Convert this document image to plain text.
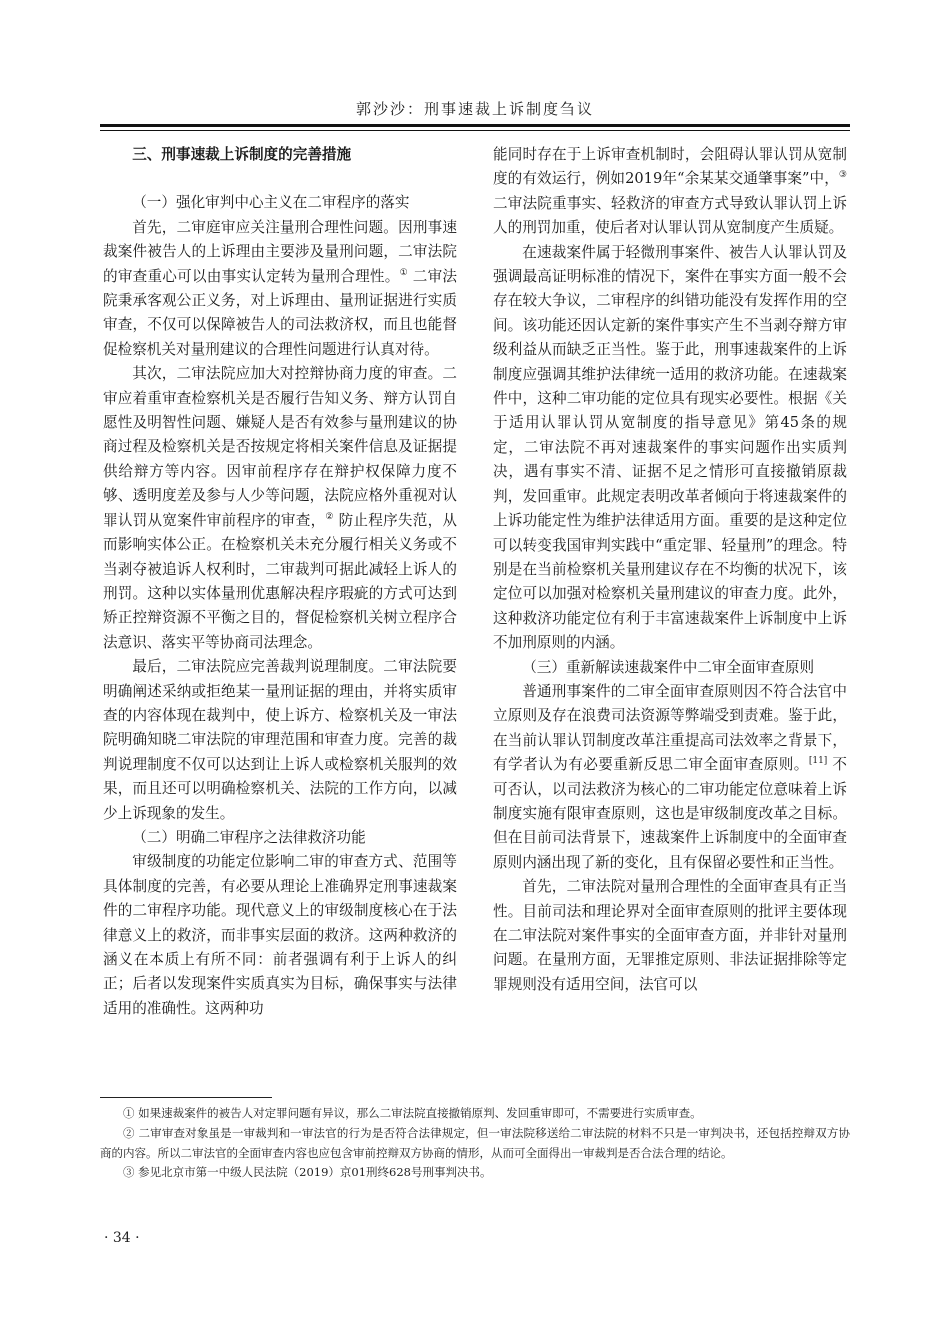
郭沙沙：刑事速裁上诉制度刍议
三、刑事速裁上诉制度的完善措施
（一）强化审判中心主义在二审程序的落实

首先，二审庭审应关注量刑合理性问题。因刑事速裁案件被告人的上诉理由主要涉及量刑问题，二审法院的审查重心可以由事实认定转为量刑合理性。① 二审法院秉承客观公正义务，对上诉理由、量刑证据进行实质审查，不仅可以保障被告人的司法救济权，而且也能督促检察机关对量刑建议的合理性问题进行认真对待。

其次，二审法院应加大对控辩协商力度的审查。二审应着重审查检察机关是否履行告知义务、辩方认罚自愿性及明智性问题、嫌疑人是否有效参与量刑建议的协商过程及检察机关是否按规定将相关案件信息及证据提供给辩方等内容。因审前程序存在辩护权保障力度不够、透明度差及参与人少等问题，法院应格外重视对认罪认罚从宽案件审前程序的审查，② 防止程序失范，从而影响实体公正。在检察机关未充分履行相关义务或不当剥夺被追诉人权利时，二审裁判可据此减轻上诉人的刑罚。这种以实体量刑优惠解决程序瑕疵的方式可达到矫正控辩资源不平衡之目的，督促检察机关树立程序合法意识、落实平等协商司法理念。

最后，二审法院应完善裁判说理制度。二审法院要明确阐述采纳或拒绝某一量刑证据的理由，并将实质审查的内容体现在裁判中，使上诉方、检察机关及一审法院明确知晓二审法院的审理范围和审查力度。完善的裁判说理制度不仅可以达到让上诉人或检察机关服判的效果，而且还可以明确检察机关、法院的工作方向，以减少上诉现象的发生。

（二）明确二审程序之法律救济功能

审级制度的功能定位影响二审的审查方式、范围等具体制度的完善，有必要从理论上准确界定刑事速裁案件的二审程序功能。现代意义上的审级制度核心在于法律意义上的救济，而非事实层面的救济。这两种救济的涵义在本质上有所不同：前者强调有利于上诉人的纠正；后者以发现案件实质真实为目标，确保事实与法律适用的准确性。这两种功

能同时存在于上诉审查机制时，会阻碍认罪认罚从宽制度的有效运行，例如2019年“余某某交通肇事案”中，③ 二审法院重事实、轻救济的审查方式导致认罪认罚上诉人的刑罚加重，使后者对认罪认罚从宽制度产生质疑。

在速裁案件属于轻微刑事案件、被告人认罪认罚及强调最高证明标准的情况下，案件在事实方面一般不会存在较大争议，二审程序的纠错功能没有发挥作用的空间。该功能还因认定新的案件事实产生不当剥夺辩方审级利益从而缺乏正当性。鉴于此，刑事速裁案件的上诉制度应强调其维护法律统一适用的救济功能。在速裁案件中，这种二审功能的定位具有现实必要性。根据《关于适用认罪认罚从宽制度的指导意见》第45条的规定，二审法院不再对速裁案件的事实问题作出实质判决，遇有事实不清、证据不足之情形可直接撤销原裁判，发回重审。此规定表明改革者倾向于将速裁案件的上诉功能定性为维护法律适用方面。重要的是这种定位可以转变我国审判实践中“重定罪、轻量刑”的理念。特别是在当前检察机关量刑建议存在不均衡的状况下，该定位可以加强对检察机关量刑建议的审查力度。此外，这种救济功能定位有利于丰富速裁案件上诉制度中上诉不加刑原则的内涵。

（三）重新解读速裁案件中二审全面审查原则

普通刑事案件的二审全面审查原则因不符合法官中立原则及存在浪费司法资源等弊端受到责难。鉴于此，在当前认罪认罚制度改革注重提高司法效率之背景下，有学者认为有必要重新反思二审全面审查原则。[11] 不可否认，以司法救济为核心的二审功能定位意味着上诉制度实施有限审查原则，这也是审级制度改革之目标。但在目前司法背景下，速裁案件上诉制度中的全面审查原则内涵出现了新的变化，且有保留必要性和正当性。

首先，二审法院对量刑合理性的全面审查具有正当性。目前司法和理论界对全面审查原则的批评主要体现在二审法院对案件事实的全面审查方面，并非针对量刑问题。在量刑方面，无罪推定原则、非法证据排除等定罪规则没有适用空间，法官可以

① 如果速裁案件的被告人对定罪问题有异议，那么二审法院直接撤销原判、发回重审即可，不需要进行实质审查。

② 二审审查对象虽是一审裁判和一审法官的行为是否符合法律规定，但一审法院移送给二审法院的材料不只是一审判决书，还包括控辩双方协商的内容。所以二审法官的全面审查内容也应包含审前控辩双方协商的情形，从而可全面得出一审裁判是否合法合理的结论。

③ 参见北京市第一中级人民法院（2019）京01刑终628号刑事判决书。

· 34 ·
